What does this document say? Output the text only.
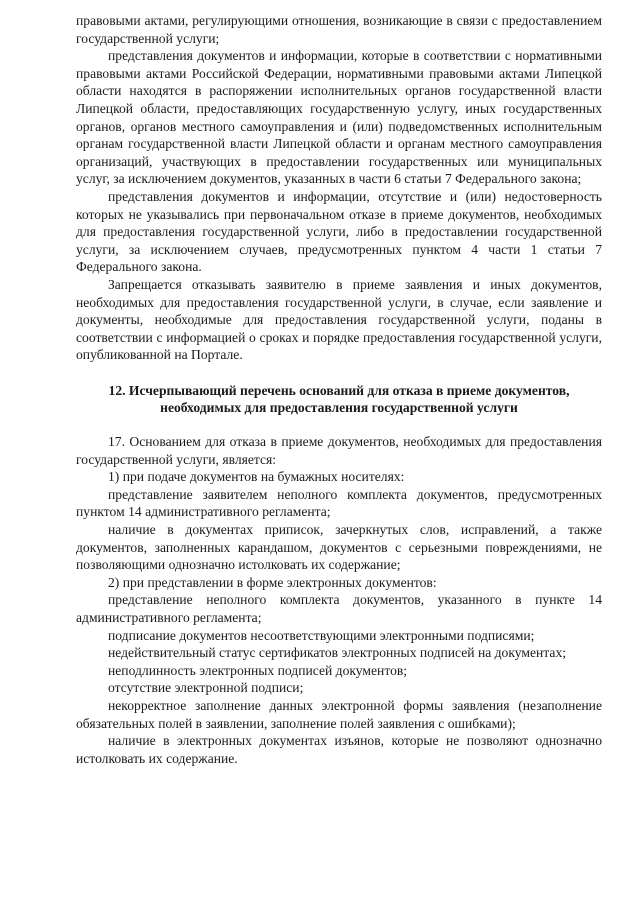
правовыми актами, регулирующими отношения, возникающие в связи с предоставлением государственной услуги;

представления документов и информации, которые в соответствии с нормативными правовыми актами Российской Федерации, нормативными правовыми актами Липецкой области находятся в распоряжении исполнительных органов государственной власти Липецкой области, предоставляющих государственную услугу, иных государственных органов, органов местного самоуправления и (или) подведомственных исполнительным органам государственной власти Липецкой области и органам местного самоуправления организаций, участвующих в предоставлении государственных или муниципальных услуг, за исключением документов, указанных в части 6 статьи 7 Федерального закона;

представления документов и информации, отсутствие и (или) недостоверность которых не указывались при первоначальном отказе в приеме документов, необходимых для предоставления государственной услуги, либо в предоставлении государственной услуги, за исключением случаев, предусмотренных пунктом 4 части 1 статьи 7 Федерального закона.

Запрещается отказывать заявителю в приеме заявления и иных документов, необходимых для предоставления государственной услуги, в случае, если заявление и документы, необходимые для предоставления государственной услуги, поданы в соответствии с информацией о сроках и порядке предоставления государственной услуги, опубликованной на Портале.

12. Исчерпывающий перечень оснований для отказа в приеме документов, необходимых для предоставления государственной услуги

17. Основанием для отказа в приеме документов, необходимых для предоставления государственной услуги, является:

1) при подаче документов на бумажных носителях:

представление заявителем неполного комплекта документов, предусмотренных пунктом 14 административного регламента;

наличие в документах приписок, зачеркнутых слов, исправлений, а также документов, заполненных карандашом, документов с серьезными повреждениями, не позволяющими однозначно истолковать их содержание;

2) при представлении в форме электронных документов:

представление неполного комплекта документов, указанного в пункте 14 административного регламента;

подписание документов несоответствующими электронными подписями;

недействительный статус сертификатов электронных подписей на документах;

неподлинность электронных подписей документов;

отсутствие электронной подписи;

некорректное заполнение данных электронной формы заявления (незаполнение обязательных полей в заявлении, заполнение полей заявления с ошибками);

наличие в электронных документах изъянов, которые не позволяют однозначно истолковать их содержание.
